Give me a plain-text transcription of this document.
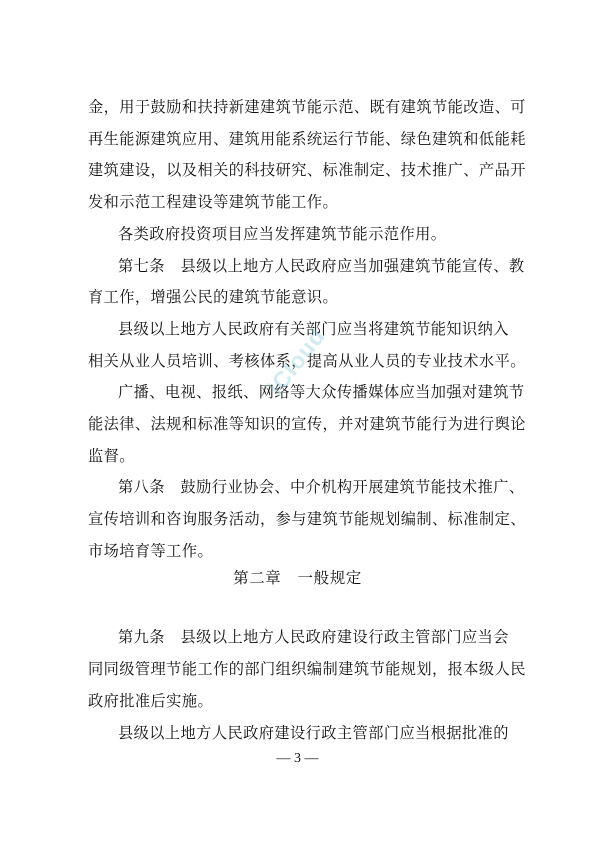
金，用于鼓励和扶持新建建筑节能示范、既有建筑节能改造、可
再生能源建筑应用、建筑用能系统运行节能、绿色建筑和低能耗
建筑建设，以及相关的科技研究、标准制定、技术推广、产品开
发和示范工程建设等建筑节能工作。
各类政府投资项目应当发挥建筑节能示范作用。
第七条　县级以上地方人民政府应当加强建筑节能宣传、教
育工作，增强公民的建筑节能意识。
县级以上地方人民政府有关部门应当将建筑节能知识纳入
相关从业人员培训、考核体系，提高从业人员的专业技术水平。
广播、电视、报纸、网络等大众传播媒体应当加强对建筑节
能法律、法规和标准等知识的宣传，并对建筑节能行为进行舆论
监督。
第八条　鼓励行业协会、中介机构开展建筑节能技术推广、
宣传培训和咨询服务活动，参与建筑节能规划编制、标准制定、
市场培育等工作。
第二章　一般规定
第九条　县级以上地方人民政府建设行政主管部门应当会
同同级管理节能工作的部门组织编制建筑节能规划，报本级人民
政府批准后实施。
县级以上地方人民政府建设行政主管部门应当根据批准的
— 3 —
iCloud
